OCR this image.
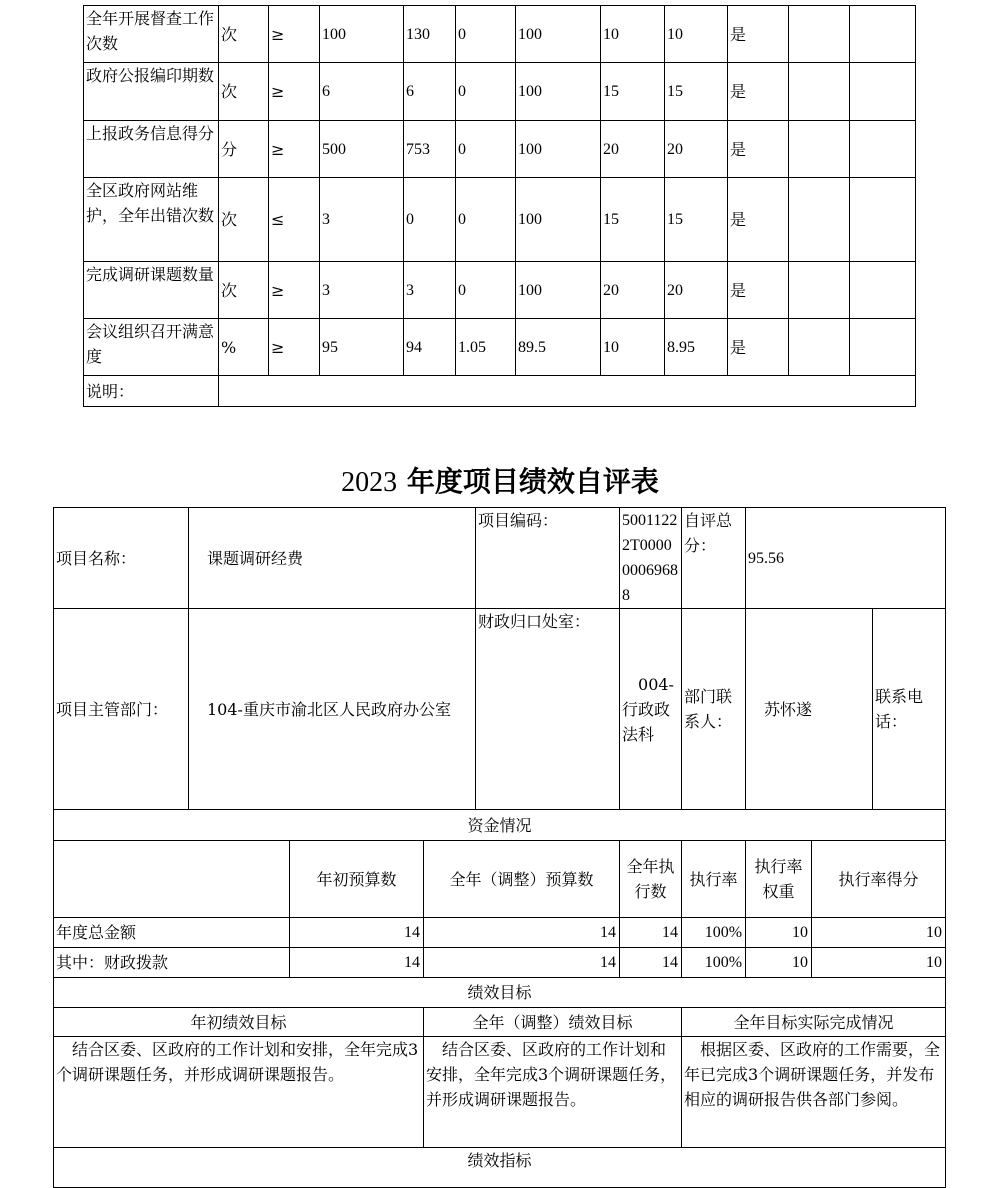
全年开展督查工作次数	次	≥	100	130	0	100	10	10	是		
政府公报编印期数	次	≥	6	6	0	100	15	15	是		
上报政务信息得分	分	≥	500	753	0	100	20	20	是		
全区政府网站维护，全年出错次数	次	≤	3	0	0	100	15	15	是		
完成调研课题数量	次	≥	3	3	0	100	20	20	是		
会议组织召开满意度	%	≥	95	94	1.05	89.5	10	8.95	是		
说明：											
2023 年度项目绩效自评表
项目名称：	课题调研经费			项目编码：	50011222T000000069688	自评总分：	95.56			
项目主管部门：	104-重庆市渝北区人民政府办公室			财政归口处室：	004-行政政法科	部门联系人：	苏怀遂		联系电话：	
资金情况										
		年初预算数	全年（调整）预算数		全年执行数	执行率	执行率权重	执行率得分		
年度总金额		14	14		14	100%	10	10		
其中：财政拨款		14	14		14	100%	10	10		
绩效目标										
年初绩效目标			全年（调整）绩效目标			全年目标实际完成情况				
结合区委、区政府的工作计划和安排，全年完成3个调研课题任务，并形成调研课题报告。			结合区委、区政府的工作计划和安排，全年完成3个调研课题任务，并形成调研课题报告。			根据区委、区政府的工作需要，全年已完成3个调研课题任务，并发布相应的调研报告供各部门参阅。				
绩效指标										
